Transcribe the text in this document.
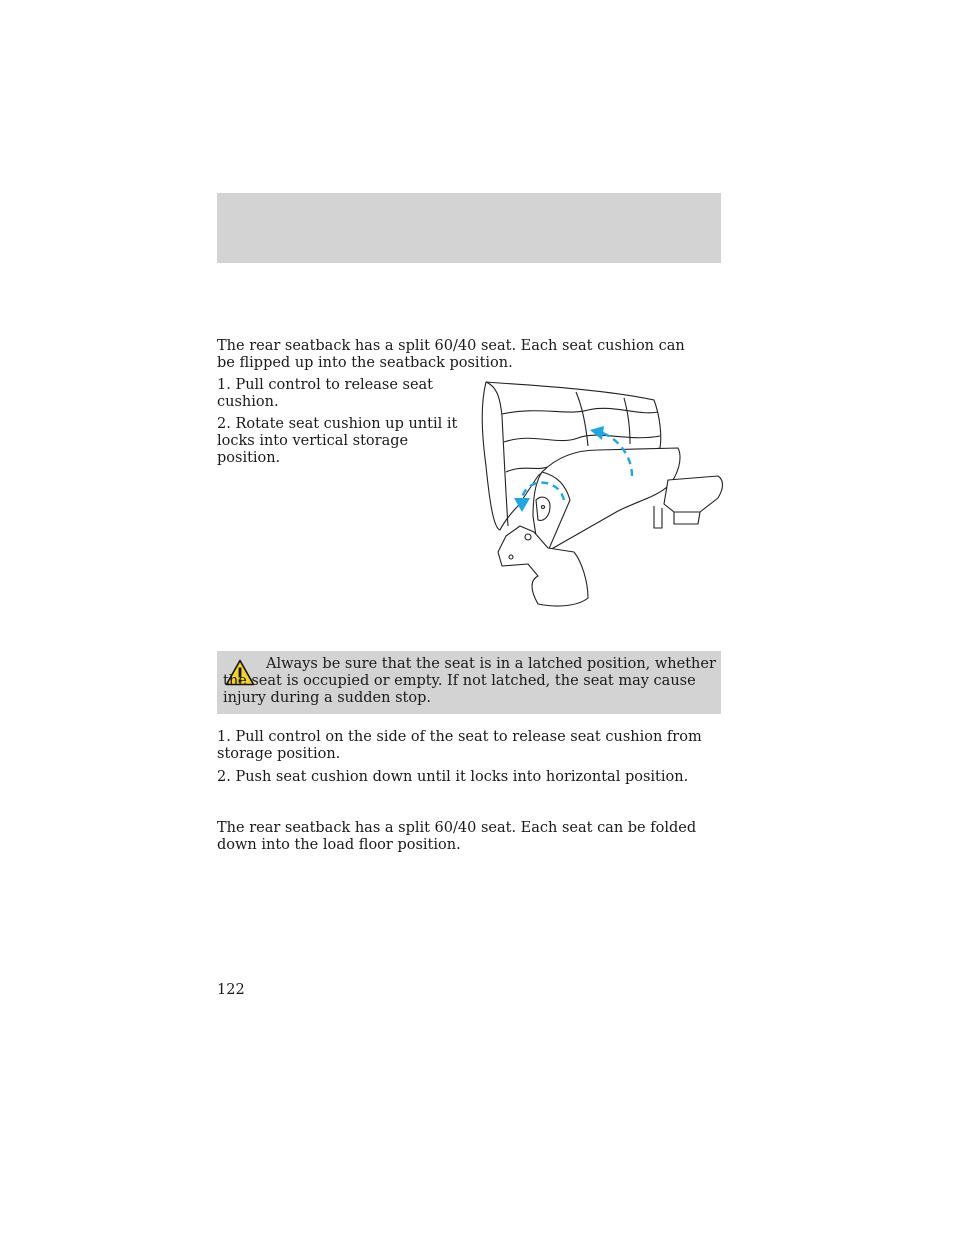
The rear seatback has a split 60/40 seat. Each seat cushion can be flipped up into the seatback position.

1. Pull control to release seat cushion.

2. Rotate seat cushion up until it locks into vertical storage position.

Always be sure that the seat is in a latched position, whether the seat is occupied or empty. If not latched, the seat may cause injury during a sudden stop.

1. Pull control on the side of the seat to release seat cushion from storage position.

2. Push seat cushion down until it locks into horizontal position.

The rear seatback has a split 60/40 seat. Each seat can be folded down into the load floor position.

122
